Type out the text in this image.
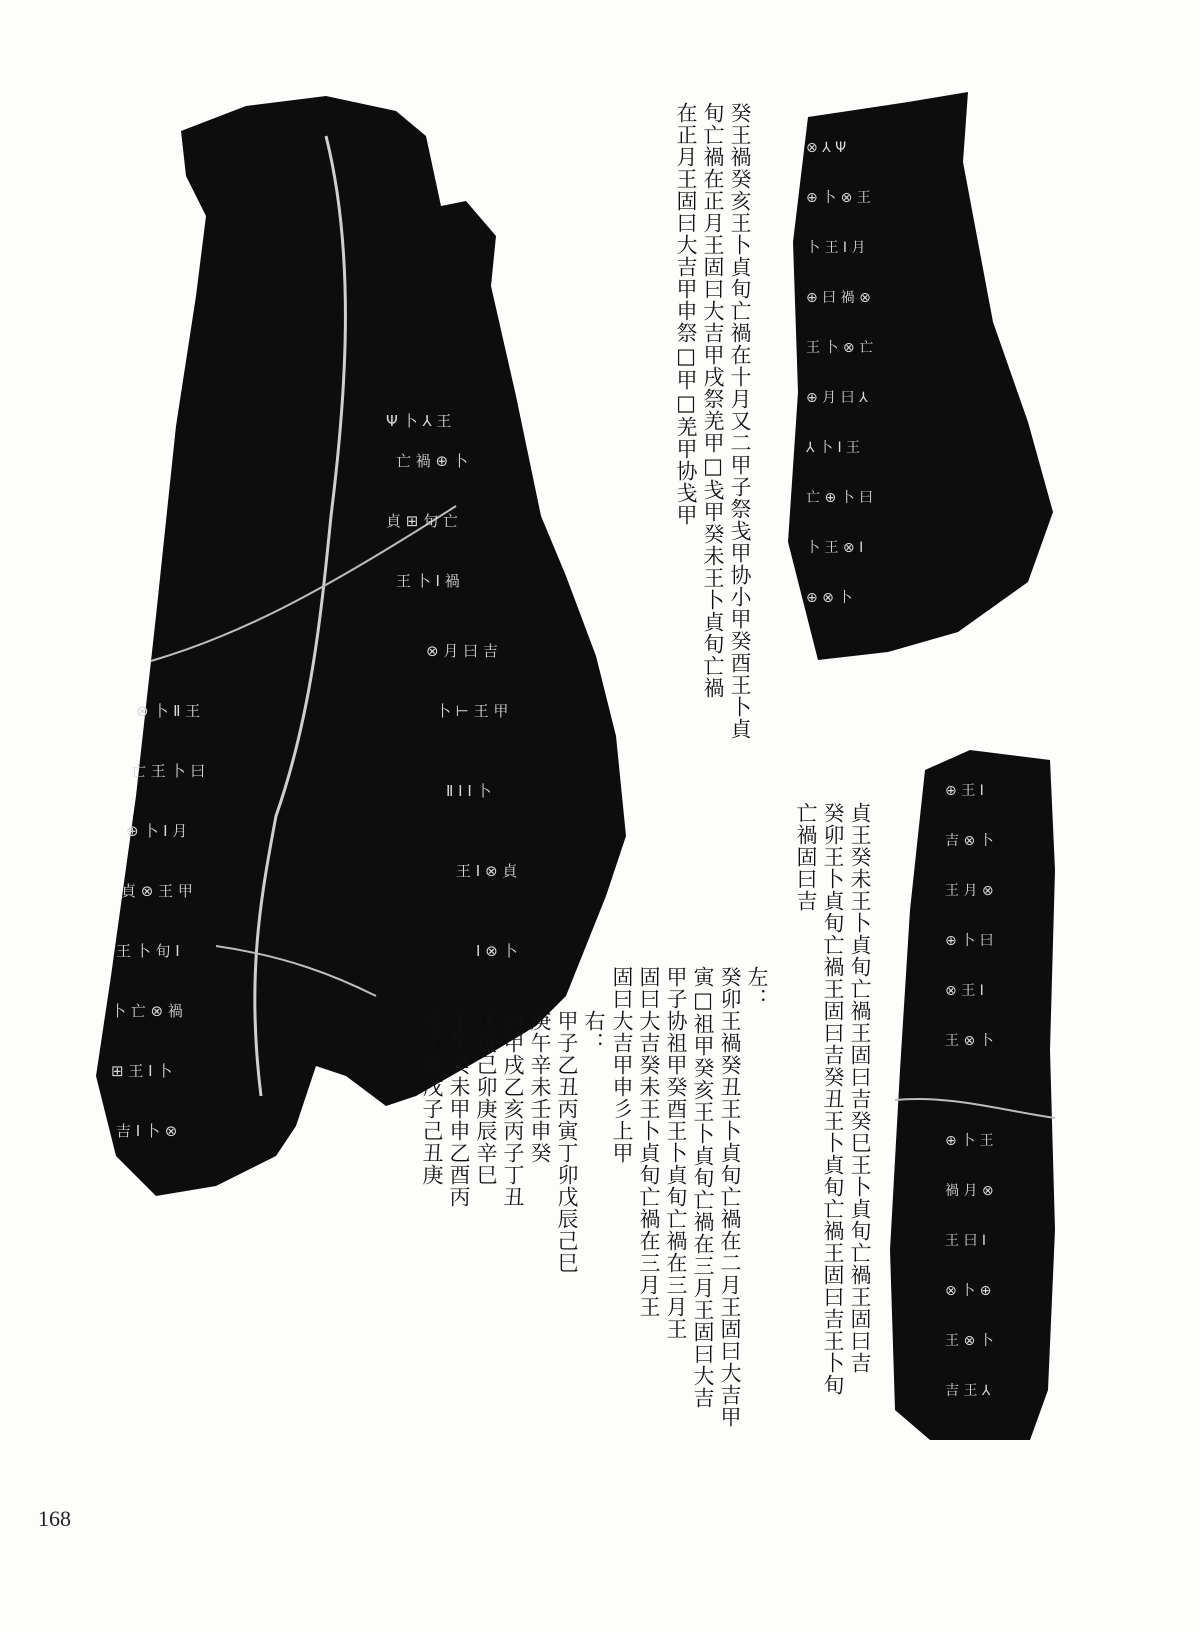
Ψ 卜 ⅄ 王
亡 禍 ⊕ 卜
貞 ⊞ 旬 亡
王 卜 Ⅰ 禍
⊗ 月 曰 吉
卜 ⊢ 王 甲
Ⅱ Ⅰ Ⅰ 卜
王 Ⅰ ⊗ 貞
Ⅰ ⊗ 卜
⊗ 卜 Ⅱ 王
亡 王 卜 曰
⊕ 卜 Ⅰ 月
貞 ⊗ 王 甲
王 卜 旬 Ⅰ
卜 亡 ⊗ 禍
⊞ 王 Ⅰ 卜
吉 Ⅰ 卜 ⊗
⊗ ⅄ Ψ
⊕ 卜 ⊗ 王
卜 王 Ⅰ 月
⊕ 曰 禍 ⊗
王 卜 ⊗ 亡
⊕ 月 曰 ⅄
⅄ 卜 Ⅰ 王
亡 ⊕ 卜 曰
卜 王 ⊗ Ⅰ
⊕ ⊗ 卜
⊕ 王 Ⅰ
吉 ⊗ 卜
王 月 ⊗
⊕ 卜 曰
⊗ 王 Ⅰ
王 ⊗ 卜
⊕ 卜 王
禍 月 ⊗
王 曰 Ⅰ
⊗ 卜 ⊕
王 ⊗ 卜
吉 王 ⅄
癸王禍癸亥王卜貞旬亡禍在十月又二甲子祭戋甲协小甲癸酉王卜貞
旬亡禍在正月王固曰大吉甲戌祭羌甲□戋甲癸未王卜貞旬亡禍
在正月王固曰大吉甲申祭□甲□羌甲协戋甲
貞王癸未王卜貞旬亡禍王固曰吉癸巳王卜貞旬亡禍王固曰吉
癸卯王卜貞旬亡禍王固曰吉癸丑王卜貞旬亡禍王固曰吉王卜旬
亡禍固曰吉
左：
癸卯王禍癸丑王卜貞旬亡禍在二月王固曰大吉甲
寅□祖甲癸亥王卜貞旬亡禍在三月王固曰大吉
甲子协祖甲癸酉王卜貞旬亡禍在三月王
固曰大吉癸未王卜貞旬亡禍在三月王
固曰大吉甲申彡上甲
右：
甲子乙丑丙寅丁卯戊辰己巳
庚午辛未壬申癸
酉甲戌乙亥丙子丁丑
戊寅己卯庚辰辛巳
壬午癸未甲申乙酉丙
戌丁亥戊子己丑庚
168
